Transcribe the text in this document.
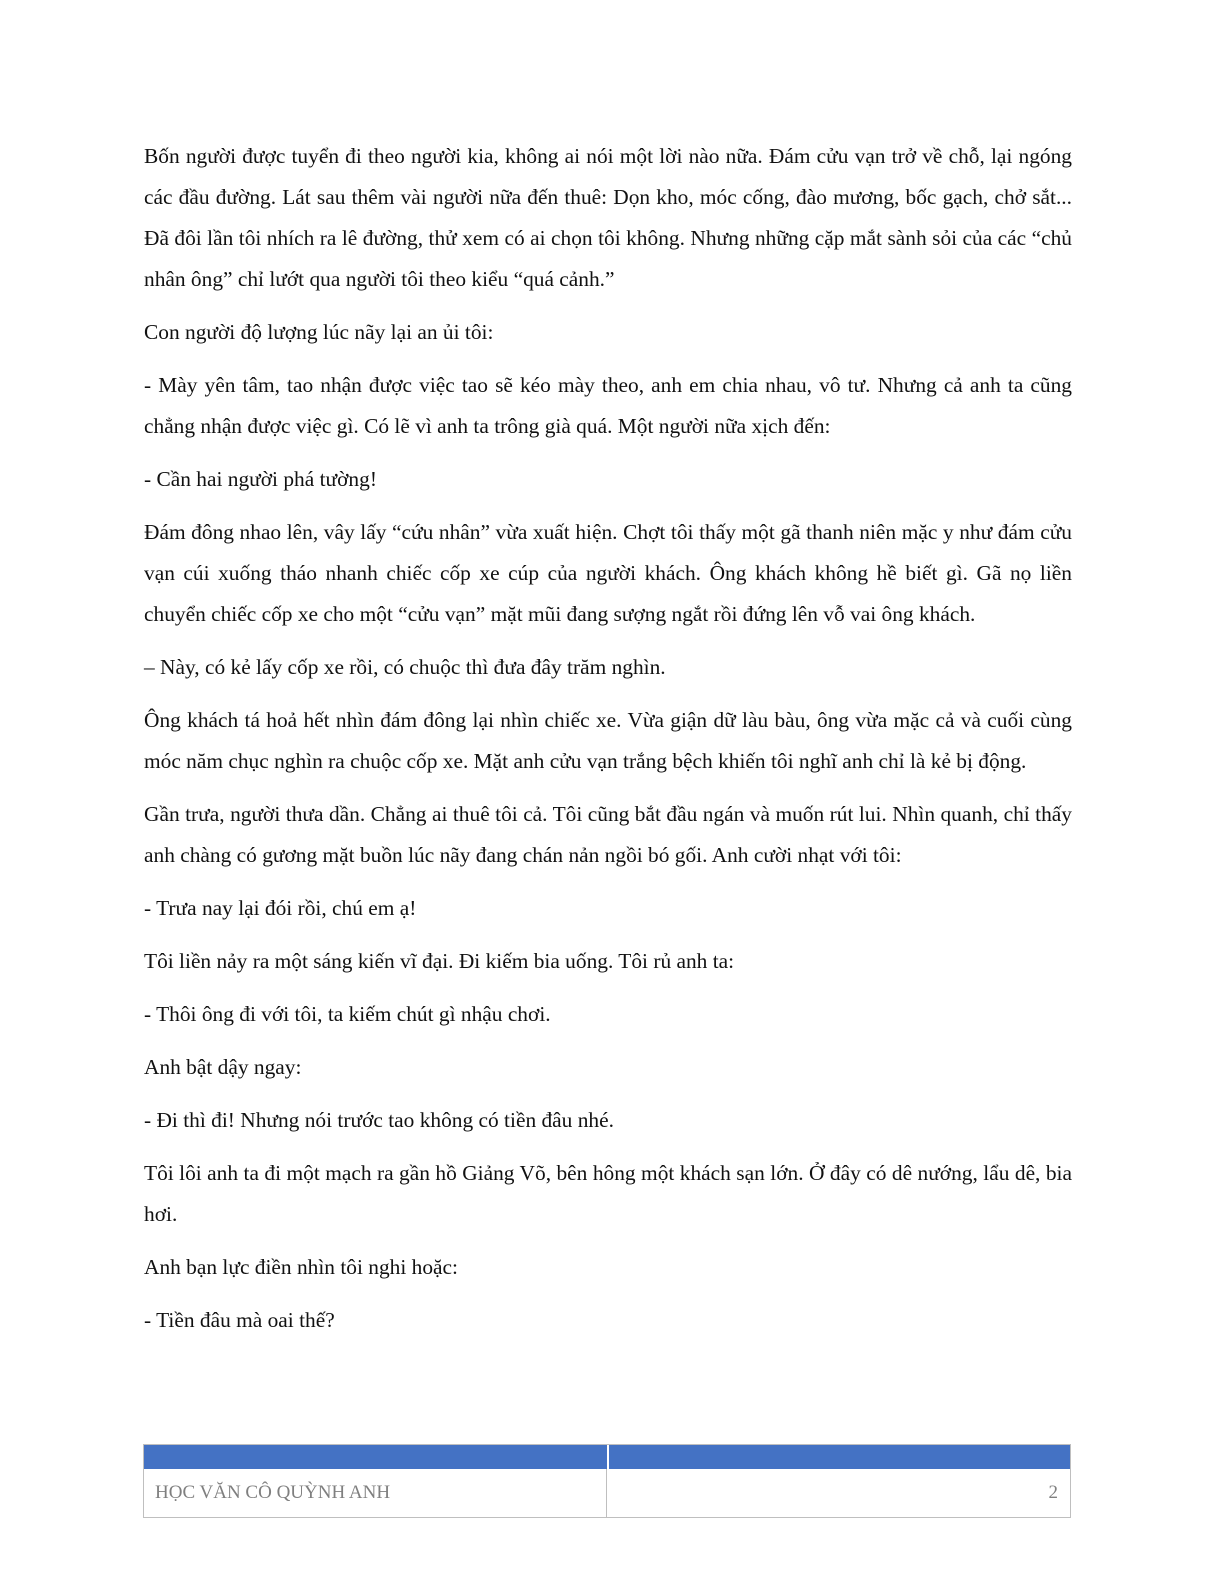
Bốn người được tuyển đi theo người kia, không ai nói một lời nào nữa. Đám cửu vạn trở về chỗ, lại ngóng các đầu đường. Lát sau thêm vài người nữa đến thuê: Dọn kho, móc cống, đào mương, bốc gạch, chở sắt... Đã đôi lần tôi nhích ra lê đường, thử xem có ai chọn tôi không. Nhưng những cặp mắt sành sỏi của các “chủ nhân ông” chỉ lướt qua người tôi theo kiểu “quá cảnh.”

Con người độ lượng lúc nãy lại an ủi tôi:

- Mày yên tâm, tao nhận được việc tao sẽ kéo mày theo, anh em chia nhau, vô tư. Nhưng cả anh ta cũng chẳng nhận được việc gì. Có lẽ vì anh ta trông già quá. Một người nữa xịch đến:

- Cần hai người phá tường!

Đám đông nhao lên, vây lấy “cứu nhân” vừa xuất hiện. Chợt tôi thấy một gã thanh niên mặc y như đám cửu vạn cúi xuống tháo nhanh chiếc cốp xe cúp của người khách. Ông khách không hề biết gì. Gã nọ liền chuyển chiếc cốp xe cho một “cửu vạn” mặt mũi đang sượng ngắt rồi đứng lên vỗ vai ông khách.

– Này, có kẻ lấy cốp xe rồi, có chuộc thì đưa đây trăm nghìn.

Ông khách tá hoả hết nhìn đám đông lại nhìn chiếc xe. Vừa giận dữ làu bàu, ông vừa mặc cả và cuối cùng móc năm chục nghìn ra chuộc cốp xe. Mặt anh cửu vạn trắng bệch khiến tôi nghĩ anh chỉ là kẻ bị động.

Gần trưa, người thưa dần. Chẳng ai thuê tôi cả. Tôi cũng bắt đầu ngán và muốn rút lui. Nhìn quanh, chỉ thấy anh chàng có gương mặt buồn lúc nãy đang chán nản ngồi bó gối. Anh cười nhạt với tôi:

- Trưa nay lại đói rồi, chú em ạ!

Tôi liền nảy ra một sáng kiến vĩ đại. Đi kiếm bia uống. Tôi rủ anh ta:

- Thôi ông đi với tôi, ta kiếm chút gì nhậu chơi.

Anh bật dậy ngay:

- Đi thì đi! Nhưng nói trước tao không có tiền đâu nhé.

Tôi lôi anh ta đi một mạch ra gần hồ Giảng Võ, bên hông một khách sạn lớn. Ở đây có dê nướng, lẩu dê, bia hơi.

Anh bạn lực điền nhìn tôi nghi hoặc:

- Tiền đâu mà oai thế?

HỌC VĂN CÔ QUỲNH ANH	2
